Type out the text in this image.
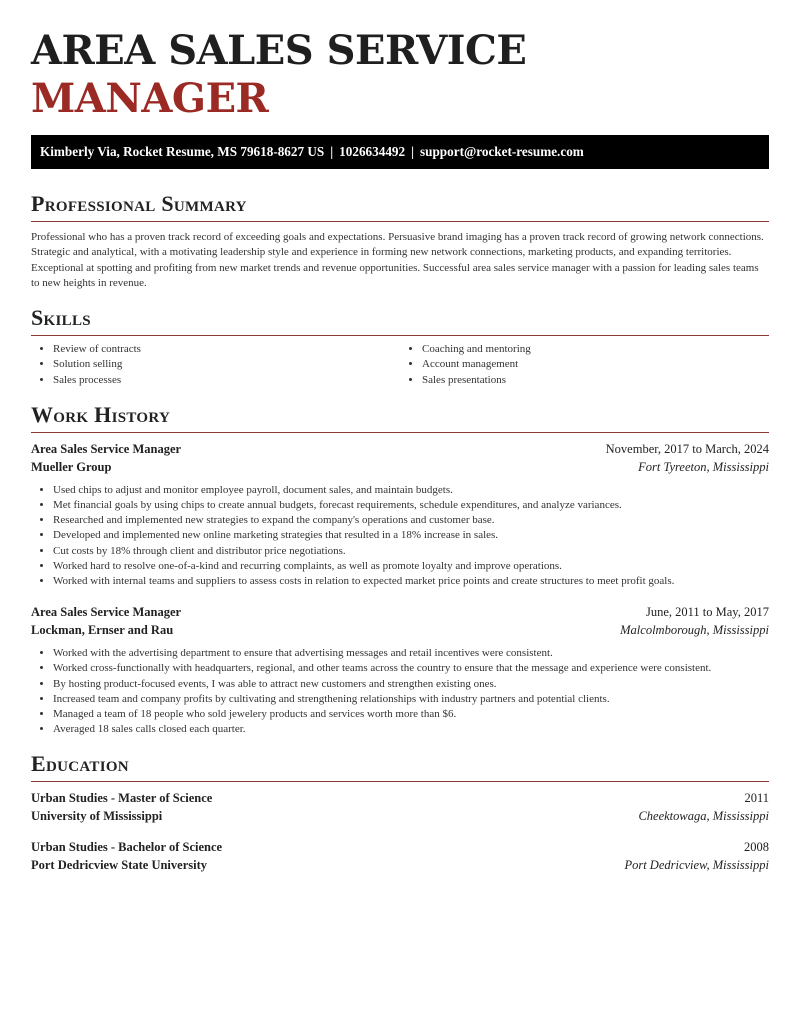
AREA SALES SERVICE MANAGER
Kimberly Via, Rocket Resume, MS 79618-8627 US | 1026634492 | support@rocket-resume.com
Professional Summary

Professional who has a proven track record of exceeding goals and expectations. Persuasive brand imaging has a proven track record of growing network connections. Strategic and analytical, with a motivating leadership style and experience in forming new network connections, marketing products, and expanding territories. Exceptional at spotting and profiting from new market trends and revenue opportunities. Successful area sales service manager with a passion for leading sales teams to new heights in revenue.

Skills
• Review of contracts
• Solution selling
• Sales processes
• Coaching and mentoring
• Account management
• Sales presentations
Work History
Area Sales Service Manager	November, 2017 to March, 2024
Mueller Group	Fort Tyreeton, Mississippi
• Used chips to adjust and monitor employee payroll, document sales, and maintain budgets.
• Met financial goals by using chips to create annual budgets, forecast requirements, schedule expenditures, and analyze variances.
• Researched and implemented new strategies to expand the company's operations and customer base.
• Developed and implemented new online marketing strategies that resulted in a 18% increase in sales.
• Cut costs by 18% through client and distributor price negotiations.
• Worked hard to resolve one-of-a-kind and recurring complaints, as well as promote loyalty and improve operations.
• Worked with internal teams and suppliers to assess costs in relation to expected market price points and create structures to meet profit goals.
Area Sales Service Manager	June, 2011 to May, 2017
Lockman, Ernser and Rau	Malcolmborough, Mississippi
• Worked with the advertising department to ensure that advertising messages and retail incentives were consistent.
• Worked cross-functionally with headquarters, regional, and other teams across the country to ensure that the message and experience were consistent.
• By hosting product-focused events, I was able to attract new customers and strengthen existing ones.
• Increased team and company profits by cultivating and strengthening relationships with industry partners and potential clients.
• Managed a team of 18 people who sold jewelery products and services worth more than $6.
• Averaged 18 sales calls closed each quarter.
Education
Urban Studies - Master of Science	2011
University of Mississippi	Cheektowaga, Mississippi
Urban Studies - Bachelor of Science	2008
Port Dedricview State University	Port Dedricview, Mississippi
